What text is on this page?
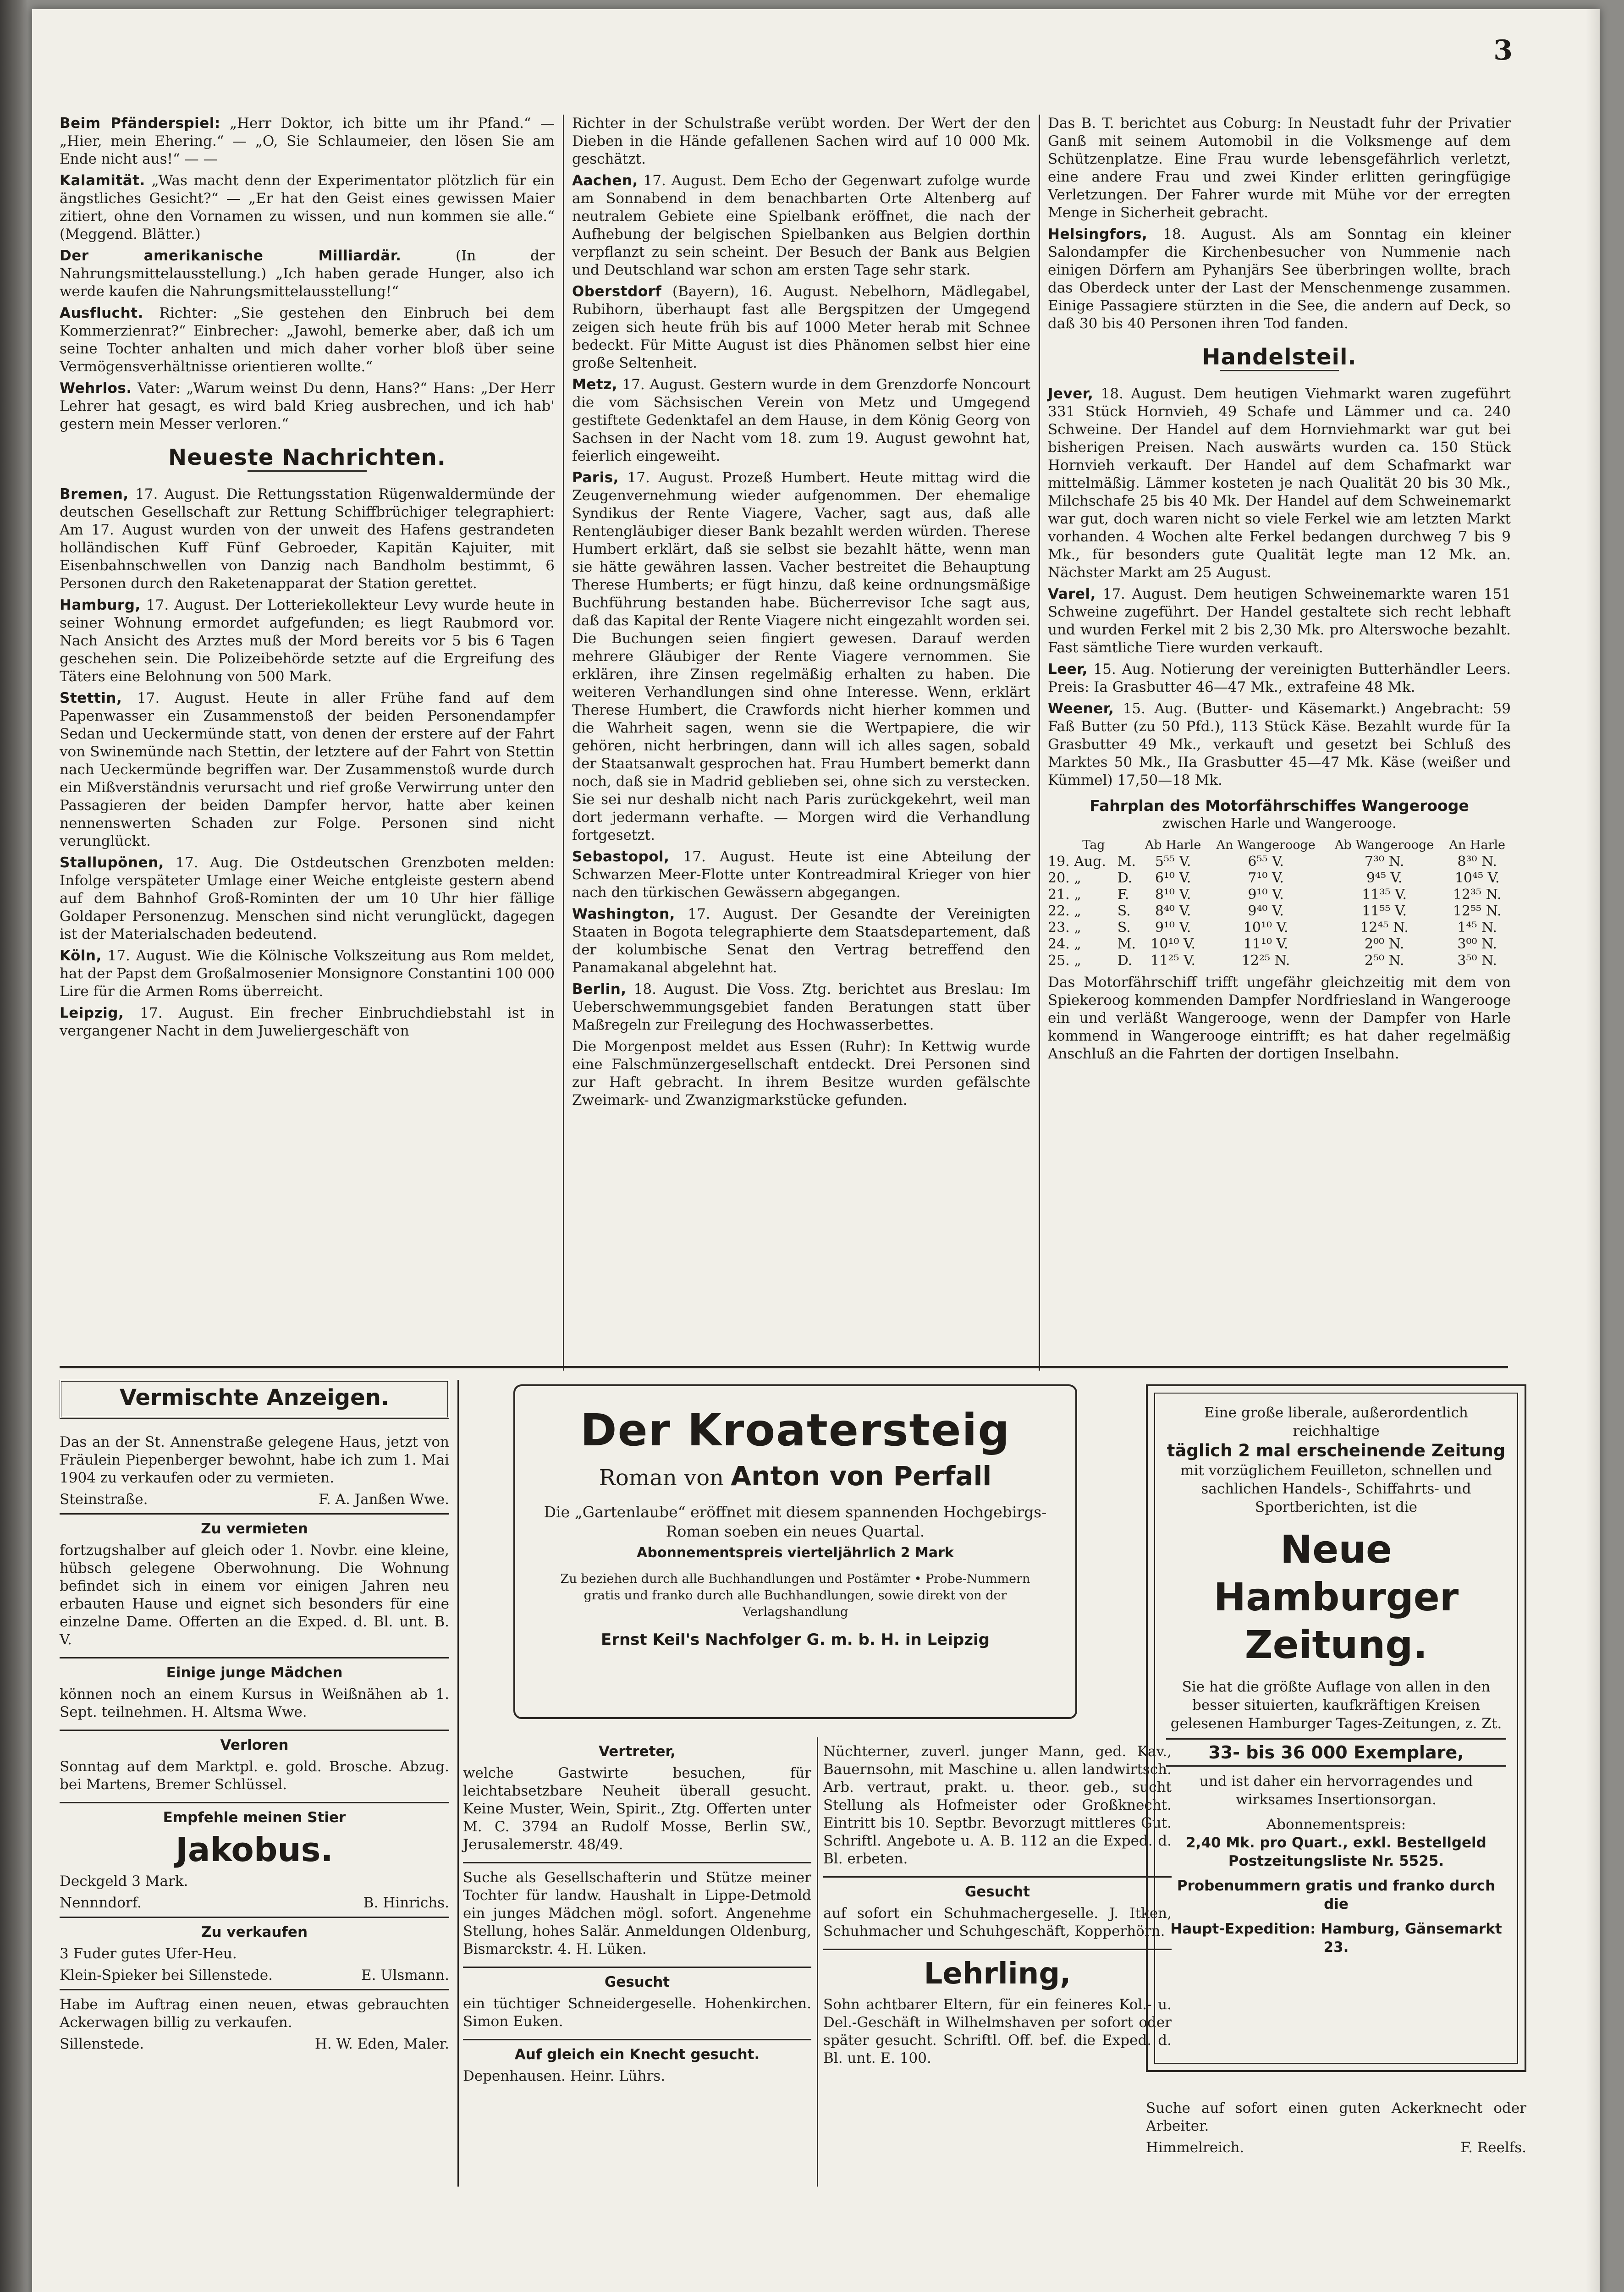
3

Beim Pfänderspiel: „Herr Doktor, ich bitte um ihr Pfand.“ — „Hier, mein Ehering.“ — „O, Sie Schlaumeier, den lösen Sie am Ende nicht aus!“ — —

Kalamität. „Was macht denn der Experimentator plötzlich für ein ängstliches Gesicht?“ — „Er hat den Geist eines gewissen Maier zitiert, ohne den Vornamen zu wissen, und nun kommen sie alle.“ (Meggend. Blätter.)

Der amerikanische Milliardär.	(In der Nahrungsmittelausstellung.) „Ich haben gerade Hunger, also ich werde kaufen die Nahrungsmittelausstellung!“

Ausflucht. Richter: „Sie gestehen den Einbruch bei dem Kommerzienrat?“ Einbrecher: „Jawohl, bemerke aber, daß ich um seine Tochter anhalten und mich daher vorher bloß über seine Vermögensverhältnisse orientieren wollte.“

Wehrlos. Vater: „Warum weinst Du denn, Hans?“ Hans: „Der Herr Lehrer hat gesagt, es wird bald Krieg ausbrechen, und ich hab' gestern mein Messer verloren.“

Neueste Nachrichten.

Bremen, 17. August. Die Rettungsstation Rügenwaldermünde der deutschen Gesellschaft zur Rettung Schiffbrüchiger telegraphiert: Am 17. August wurden von der unweit des Hafens gestrandeten holländischen Kuff Fünf Gebroeder, Kapitän Kajuiter, mit Eisenbahnschwellen von Danzig nach Bandholm bestimmt, 6 Personen durch den Raketenapparat der Station gerettet.

Hamburg, 17. August. Der Lotteriekollekteur Levy wurde heute in seiner Wohnung ermordet aufgefunden; es liegt Raubmord vor. Nach Ansicht des Arztes muß der Mord bereits vor 5 bis 6 Tagen geschehen sein. Die Polizeibehörde setzte auf die Ergreifung des Täters eine Belohnung von 500 Mark.

Stettin, 17. August. Heute in aller Frühe fand auf dem Papenwasser ein Zusammenstoß der beiden Personendampfer Sedan und Ueckermünde statt, von denen der erstere auf der Fahrt von Swinemünde nach Stettin, der letztere auf der Fahrt von Stettin nach Ueckermünde begriffen war. Der Zusammenstoß wurde durch ein Mißverständnis verursacht und rief große Verwirrung unter den Passagieren der beiden Dampfer hervor, hatte aber keinen nennenswerten Schaden zur Folge. Personen sind nicht verunglückt.

Stallupönen, 17. Aug. Die Ostdeutschen Grenzboten melden: Infolge verspäteter Umlage einer Weiche entgleiste gestern abend auf dem Bahnhof Groß-Rominten der um 10 Uhr hier fällige Goldaper Personenzug. Menschen sind nicht verunglückt, dagegen ist der Materialschaden bedeutend.

Köln, 17. August. Wie die Kölnische Volkszeitung aus Rom meldet, hat der Papst dem Großalmosenier Monsignore Constantini 100 000 Lire für die Armen Roms überreicht.

Leipzig, 17. August. Ein frecher Einbruchdiebstahl ist in vergangener Nacht in dem Juweliergeschäft von

Richter in der Schulstraße verübt worden. Der Wert der den Dieben in die Hände gefallenen Sachen wird auf 10 000 Mk. geschätzt.

Aachen, 17. August. Dem Echo der Gegenwart zufolge wurde am Sonnabend in dem benachbarten Orte Altenberg auf neutralem Gebiete eine Spielbank eröffnet, die nach der Aufhebung der belgischen Spielbanken aus Belgien dorthin verpflanzt zu sein scheint. Der Besuch der Bank aus Belgien und Deutschland war schon am ersten Tage sehr stark.

Oberstdorf (Bayern), 16. August. Nebelhorn, Mädlegabel, Rubihorn, überhaupt fast alle Bergspitzen der Umgegend zeigen sich heute früh bis auf 1000 Meter herab mit Schnee bedeckt. Für Mitte August ist dies Phänomen selbst hier eine große Seltenheit.

Metz, 17. August. Gestern wurde in dem Grenzdorfe Noncourt die vom Sächsischen Verein von Metz und Umgegend gestiftete Gedenktafel an dem Hause, in dem König Georg von Sachsen in der Nacht vom 18. zum 19. August gewohnt hat, feierlich eingeweiht.

Paris, 17. August. Prozeß Humbert. Heute mittag wird die Zeugenvernehmung wieder aufgenommen. Der ehemalige Syndikus der Rente Viagere, Vacher, sagt aus, daß alle Rentengläubiger dieser Bank bezahlt werden würden. Therese Humbert erklärt, daß sie selbst sie bezahlt hätte, wenn man sie hätte gewähren lassen. Vacher bestreitet die Behauptung Therese Humberts; er fügt hinzu, daß keine ordnungsmäßige Buchführung bestanden habe. Bücherrevisor Iche sagt aus, daß das Kapital der Rente Viagere nicht eingezahlt worden sei. Die Buchungen seien fingiert gewesen. Darauf werden mehrere Gläubiger der Rente Viagere vernommen. Sie erklären, ihre Zinsen regelmäßig erhalten zu haben. Die weiteren Verhandlungen sind ohne Interesse. Wenn, erklärt Therese Humbert, die Crawfords nicht hierher kommen und die Wahrheit sagen, wenn sie die Wertpapiere, die wir gehören, nicht herbringen, dann will ich alles sagen, sobald der Staatsanwalt gesprochen hat. Frau Humbert bemerkt dann noch, daß sie in Madrid geblieben sei, ohne sich zu verstecken. Sie sei nur deshalb nicht nach Paris zurückgekehrt, weil man dort jedermann verhafte. — Morgen wird die Verhandlung fortgesetzt.

Sebastopol, 17. August. Heute ist eine Abteilung der Schwarzen Meer-Flotte unter Kontreadmiral Krieger von hier nach den türkischen Gewässern abgegangen.

Washington, 17. August. Der Gesandte der Vereinigten Staaten in Bogota telegraphierte dem Staatsdepartement, daß der kolumbische Senat den Vertrag betreffend den Panamakanal abgelehnt hat.

Berlin, 18. August. Die Voss. Ztg. berichtet aus Breslau: Im Ueberschwemmungsgebiet fanden Beratungen statt über Maßregeln zur Freilegung des Hochwasserbettes.

Die Morgenpost meldet aus Essen (Ruhr): In Kettwig wurde eine Falschmünzergesellschaft entdeckt. Drei Personen sind zur Haft gebracht. In ihrem Besitze wurden gefälschte Zweimark- und Zwanzigmarkstücke gefunden.

Das B. T. berichtet aus Coburg: In Neustadt fuhr der Privatier Ganß mit seinem Automobil in die Volksmenge auf dem Schützenplatze. Eine Frau wurde lebensgefährlich verletzt, eine andere Frau und zwei Kinder erlitten geringfügige Verletzungen. Der Fahrer wurde mit Mühe vor der erregten Menge in Sicherheit gebracht.

Helsingfors, 18. August. Als am Sonntag ein kleiner Salondampfer die Kirchenbesucher von Nummenie nach einigen Dörfern am Pyhanjärs See überbringen wollte, brach das Oberdeck unter der Last der Menschenmenge zusammen. Einige Passagiere stürzten in die See, die andern auf Deck, so daß 30 bis 40 Personen ihren Tod fanden.

Handelsteil.

Jever, 18. August. Dem heutigen Viehmarkt waren zugeführt 331 Stück Hornvieh, 49 Schafe und Lämmer und ca. 240 Schweine. Der Handel auf dem Hornviehmarkt war gut bei bisherigen Preisen. Nach auswärts wurden ca. 150 Stück Hornvieh verkauft. Der Handel auf dem Schafmarkt war mittelmäßig. Lämmer kosteten je nach Qualität 20 bis 30 Mk., Milchschafe 25 bis 40 Mk. Der Handel auf dem Schweinemarkt war gut, doch waren nicht so viele Ferkel wie am letzten Markt vorhanden. 4 Wochen alte Ferkel bedangen durchweg 7 bis 9 Mk., für besonders gute Qualität legte man 12 Mk. an. Nächster Markt am 25 August.

Varel, 17. August. Dem heutigen Schweinemarkte waren 151 Schweine zugeführt. Der Handel gestaltete sich recht lebhaft und wurden Ferkel mit 2 bis 2,30 Mk. pro Alterswoche bezahlt. Fast sämtliche Tiere wurden verkauft.

Leer, 15. Aug. Notierung der vereinigten Butterhändler Leers. Preis: Ia Grasbutter 46—47 Mk., extrafeine 48 Mk.

Weener, 15. Aug. (Butter- und Käsemarkt.) Angebracht: 59 Faß Butter (zu 50 Pfd.), 113 Stück Käse. Bezahlt wurde für Ia Grasbutter 49 Mk., verkauft und gesetzt bei Schluß des Marktes 50 Mk., IIa Grasbutter 45—47 Mk. Käse (weißer und Kümmel) 17,50—18 Mk.

Fahrplan des Motorfährschiffes Wangerooge
zwischen Harle und Wangerooge.
Tag		Ab Harle	An Wangerooge	Ab Wangerooge	An Harle
19. Aug.	M.	5⁵⁵ V.	6⁵⁵ V.	7³⁰ N.	8³⁰ N.
20. „	D.	6¹⁰ V.	7¹⁰ V.	9⁴⁵ V.	10⁴⁵ V.
21. „	F.	8¹⁰ V.	9¹⁰ V.	11³⁵ V.	12³⁵ N.
22. „	S.	8⁴⁰ V.	9⁴⁰ V.	11⁵⁵ V.	12⁵⁵ N.
23. „	S.	9¹⁰ V.	10¹⁰ V.	12⁴⁵ N.	1⁴⁵ N.
24. „	M.	10¹⁰ V.	11¹⁰ V.	2⁰⁰ N.	3⁰⁰ N.
25. „	D.	11²⁵ V.	12²⁵ N.	2⁵⁰ N.	3⁵⁰ N.

Das Motorfährschiff trifft ungefähr gleichzeitig mit dem von Spiekeroog kommenden Dampfer Nordfriesland in Wangerooge ein und verläßt Wangerooge, wenn der Dampfer von Harle kommend in Wangerooge eintrifft; es hat daher regelmäßig Anschluß an die Fahrten der dortigen Inselbahn.

Vermischte Anzeigen.

Das an der St. Annenstraße gelegene Haus, jetzt von Fräulein Piepenberger bewohnt, habe ich zum 1. Mai 1904 zu verkaufen oder zu vermieten.

Steinstraße.	F. A. Janßen Wwe.

Zu vermieten

fortzugshalber auf gleich oder 1. Novbr. eine kleine, hübsch gelegene Oberwohnung. Die Wohnung befindet sich in einem vor einigen Jahren neu erbauten Hause und eignet sich besonders für eine einzelne Dame. Offerten an die Exped. d. Bl. unt. B. V.

Einige junge Mädchen

können noch an einem Kursus in Weißnähen ab 1. Sept. teilnehmen. H. Altsma Wwe.

Verloren

Sonntag auf dem Marktpl. e. gold. Brosche. Abzug. bei Martens, Bremer Schlüssel.

Empfehle meinen Stier

Jakobus.

Deckgeld 3 Mark.

Nennndorf.	B. Hinrichs.

Zu verkaufen

3 Fuder gutes Ufer-Heu.

Klein-Spieker bei Sillenstede.	E. Ulsmann.

Habe im Auftrag einen neuen, etwas gebrauchten Ackerwagen billig zu verkaufen.

Sillenstede.	H. W. Eden, Maler.
Der Kroatersteig
Roman von Anton von Perfall

Die „Gartenlaube“ eröffnet mit diesem spannenden Hochgebirgs-Roman soeben ein neues Quartal.

Abonnementspreis vierteljährlich 2 Mark

Zu beziehen durch alle Buchhandlungen und Postämter • Probe-Nummern gratis und franko durch alle Buchhandlungen, sowie direkt von der Verlagshandlung

Ernst Keil's Nachfolger G. m. b. H. in Leipzig

Vertreter,

welche Gastwirte besuchen, für leichtabsetzbare Neuheit überall gesucht. Keine Muster, Wein, Spirit., Ztg. Offerten unter M. C. 3794 an Rudolf Mosse, Berlin SW., Jerusalemerstr. 48/49.

Suche als Gesellschafterin und Stütze meiner Tochter für landw. Haushalt in Lippe-Detmold ein junges Mädchen mögl. sofort. Angenehme Stellung, hohes Salär. Anmeldungen Oldenburg, Bismarckstr. 4. H. Lüken.

Gesucht

ein tüchtiger Schneidergeselle. Hohenkirchen. Simon Euken.

Auf gleich ein Knecht gesucht.

Depenhausen. Heinr. Lührs.

Nüchterner, zuverl. junger Mann, ged. Kav., Bauernsohn, mit Maschine u. allen landwirtsch. Arb. vertraut, prakt. u. theor. geb., sucht Stellung als Hofmeister oder Großknecht. Eintritt bis 10. Septbr. Bevorzugt mittleres Gut. Schriftl. Angebote u. A. B. 112 an die Exped. d. Bl. erbeten.

Gesucht

auf sofort ein Schuhmachergeselle. J. Itken, Schuhmacher und Schuhgeschäft, Kopperhörn.

Lehrling,

Sohn achtbarer Eltern, für ein feineres Kol.- u. Del.-Geschäft in Wilhelmshaven per sofort oder später gesucht. Schriftl. Off. bef. die Exped. d. Bl. unt. E. 100.

Eine große liberale, außerordentlich reichhaltige

täglich 2 mal erscheinende Zeitung

mit vorzüglichem Feuilleton, schnellen und sachlichen Handels-, Schiffahrts- und Sportberichten, ist die

Neue Hamburger Zeitung.

Sie hat die größte Auflage von allen in den besser situierten, kaufkräftigen Kreisen gelesenen Hamburger Tages-Zeitungen, z. Zt.

33- bis 36 000 Exemplare,

und ist daher ein hervorragendes und wirksames Insertionsorgan.

Abonnementspreis:

2,40 Mk. pro Quart., exkl. Bestellgeld Postzeitungsliste Nr. 5525.

Probenummern gratis und franko durch die

Haupt-Expedition: Hamburg, Gänsemarkt 23.

Suche auf sofort einen guten Ackerknecht oder Arbeiter.

Himmelreich.	F. Reelfs.
